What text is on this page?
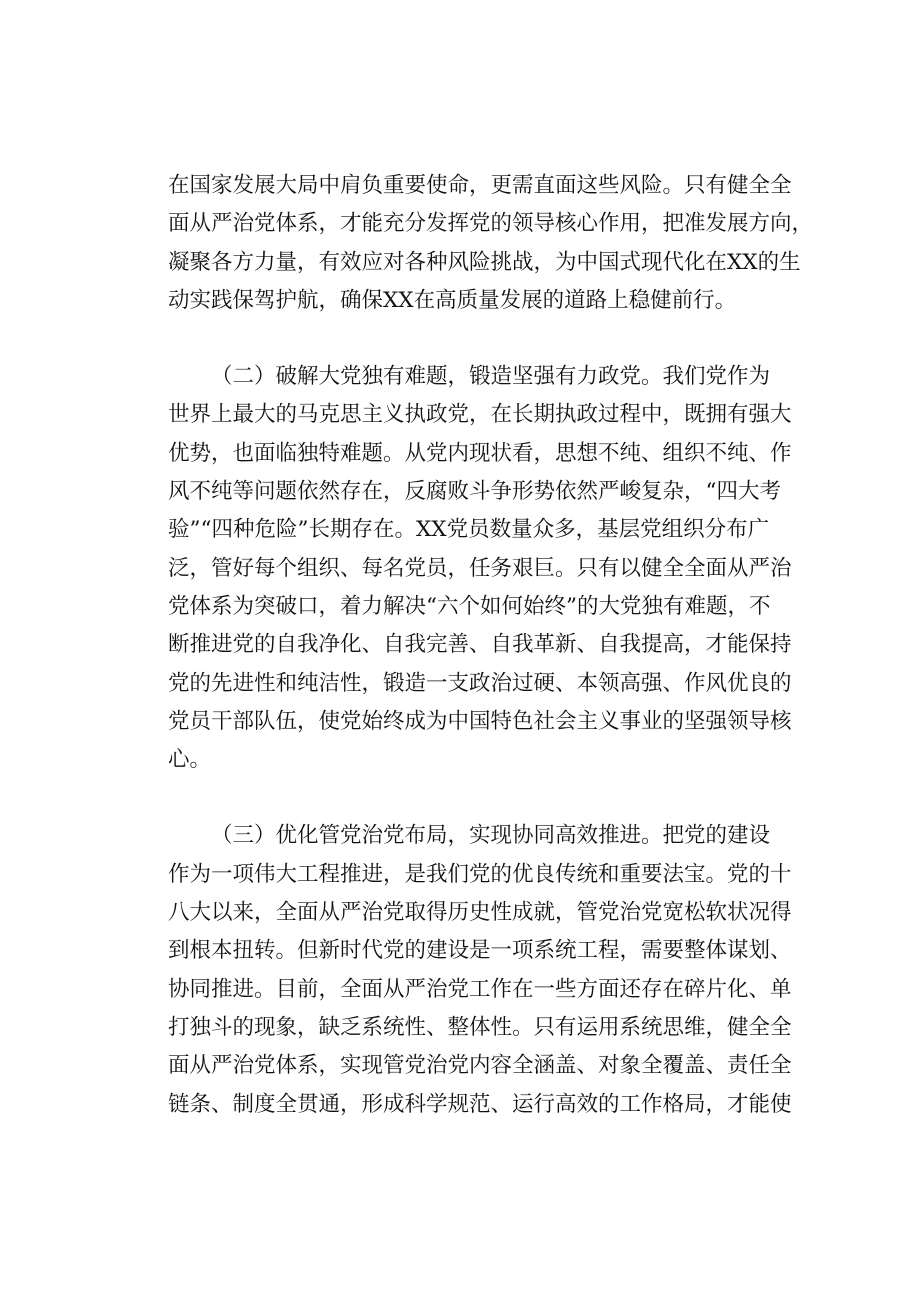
在国家发展大局中肩负重要使命，更需直面这些风险。只有健全全
面从严治党体系，才能充分发挥党的领导核心作用，把准发展方向，
凝聚各方力量，有效应对各种风险挑战，为中国式现代化在XX的生
动实践保驾护航，确保XX在高质量发展的道路上稳健前行。
（二）破解大党独有难题，锻造坚强有力政党。我们党作为
世界上最大的马克思主义执政党，在长期执政过程中，既拥有强大
优势，也面临独特难题。从党内现状看，思想不纯、组织不纯、作
风不纯等问题依然存在，反腐败斗争形势依然严峻复杂，“四大考
验”“四种危险”长期存在。XX党员数量众多，基层党组织分布广
泛，管好每个组织、每名党员，任务艰巨。只有以健全全面从严治
党体系为突破口，着力解决“六个如何始终”的大党独有难题，不
断推进党的自我净化、自我完善、自我革新、自我提高，才能保持
党的先进性和纯洁性，锻造一支政治过硬、本领高强、作风优良的
党员干部队伍，使党始终成为中国特色社会主义事业的坚强领导核
心。
（三）优化管党治党布局，实现协同高效推进。把党的建设
作为一项伟大工程推进，是我们党的优良传统和重要法宝。党的十
八大以来，全面从严治党取得历史性成就，管党治党宽松软状况得
到根本扭转。但新时代党的建设是一项系统工程，需要整体谋划、
协同推进。目前，全面从严治党工作在一些方面还存在碎片化、单
打独斗的现象，缺乏系统性、整体性。只有运用系统思维，健全全
面从严治党体系，实现管党治党内容全涵盖、对象全覆盖、责任全
链条、制度全贯通，形成科学规范、运行高效的工作格局，才能使
